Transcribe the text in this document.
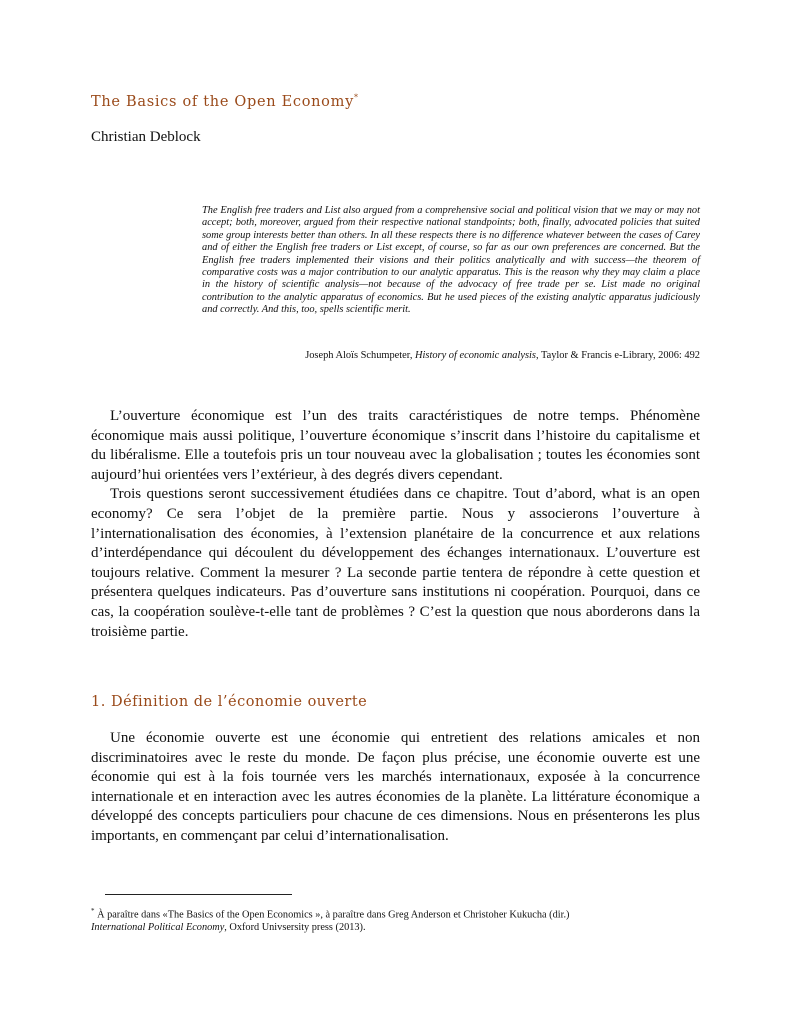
The Basics of the Open Economy*

Christian Deblock

The English free traders and List also argued from a comprehensive social and political vision that we may or may not accept; both, moreover, argued from their respective national standpoints; both, finally, advocated policies that suited some group interests better than others. In all these respects there is no difference whatever between the cases of Carey and of either the English free traders or List except, of course, so far as our own preferences are concerned. But the English free traders implemented their visions and their politics analytically and with success—the theorem of comparative costs was a major contribution to our analytic apparatus. This is the reason why they may claim a place in the history of scientific analysis—not because of the advocacy of free trade per se. List made no original contribution to the analytic apparatus of economics. But he used pieces of the existing analytic apparatus judiciously and correctly. And this, too, spells scientific merit.

Joseph Aloïs Schumpeter, History of economic analysis, Taylor & Francis e-Library, 2006: 492

L’ouverture économique est l’un des traits caractéristiques de notre temps. Phénomène économique mais aussi politique, l’ouverture économique s’inscrit dans l’histoire du capitalisme et du libéralisme. Elle a toutefois pris un tour nouveau avec la globalisation ; toutes les économies sont aujourd’hui orientées vers l’extérieur, à des degrés divers cependant.

Trois questions seront successivement étudiées dans ce chapitre. Tout d’abord, what is an open economy? Ce sera l’objet de la première partie. Nous y associerons l’ouverture à l’internationalisation des économies, à l’extension planétaire de la concurrence et aux relations d’interdépendance qui découlent du développement des échanges internationaux. L’ouverture est toujours relative. Comment la mesurer ? La seconde partie tentera de répondre à cette question et présentera quelques indicateurs. Pas d’ouverture sans institutions ni coopération. Pourquoi, dans ce cas, la coopération soulève-t-elle tant de problèmes ? C’est la question que nous aborderons dans la troisième partie.

1. Définition de l’économie ouverte

Une économie ouverte est une économie qui entretient des relations amicales et non discriminatoires avec le reste du monde. De façon plus précise, une économie ouverte est une économie qui est à la fois tournée vers les marchés internationaux, exposée à la concurrence internationale et en interaction avec les autres économies de la planète. La littérature économique a développé des concepts particuliers pour chacune de ces dimensions. Nous en présenterons les plus importants, en commençant par celui d’internationalisation.

* À paraître dans «The Basics of the Open Economics », à paraître dans Greg Anderson et Christoher Kukucha (dir.)
International Political Economy, Oxford Univsersity press (2013).
